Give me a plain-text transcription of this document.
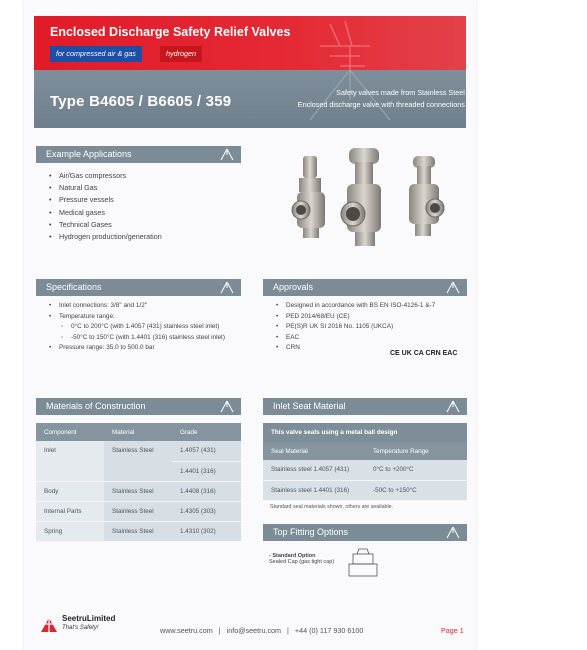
Enclosed Discharge Safety Relief Valves
for compressed air & gas	hydrogen
Type B4605 / B6605 / 359
Safety valves made from Stainless Steel <
Enclosed discharge valve with threaded connections <
Example Applications
• Air/Gas compressors
• Natural Gas
• Pressure vessels
• Medical gases
• Technical Gases
• Hydrogen production/generation
Specifications
• Inlet connections: 3/8" and 1/2"
• Temperature range:
◦ 0°C to 200°C (with 1.4057 (431) stainless steel inlet)
◦ -50°C to 150°C (with 1.4401 (316) stainless steel inlet)
• Pressure range: 35.0 to 500.0 bar
Approvals
• Designed in accordance with BS EN ISO-4126-1 &-7
• PED 2014/68/EU (CE)
• PE(S)R UK SI 2016 No. 1105 (UKCA)
• EAC
• CRN
CE UK CA CRN EAC
Materials of Construction
Component	Material	Grade
Inlet	Stainless Steel	1.4057 (431)
		1.4401 (316)
Body	Stainless Steel	1.4408 (316)
Internal Parts	Stainless Steel	1.4305 (303)
Spring	Stainless Steel	1.4310 (302)
Inlet Seat Material
This valve seals using a metal ball design
Seal Material	Temperature Range
Stainless steel 1.4057 (431)	0°C to +200°C
Stainless steel 1.4401 (316)	-50C to +150°C
Standard seal materials shown, others are available.
Top Fitting Options
- Standard Option
Sealed Cap (gas tight cap)
SeetruLimited
That's Safety!	www.seetru.com | info@seetru.com | +44 (0) 117 930 6100	Page 1
